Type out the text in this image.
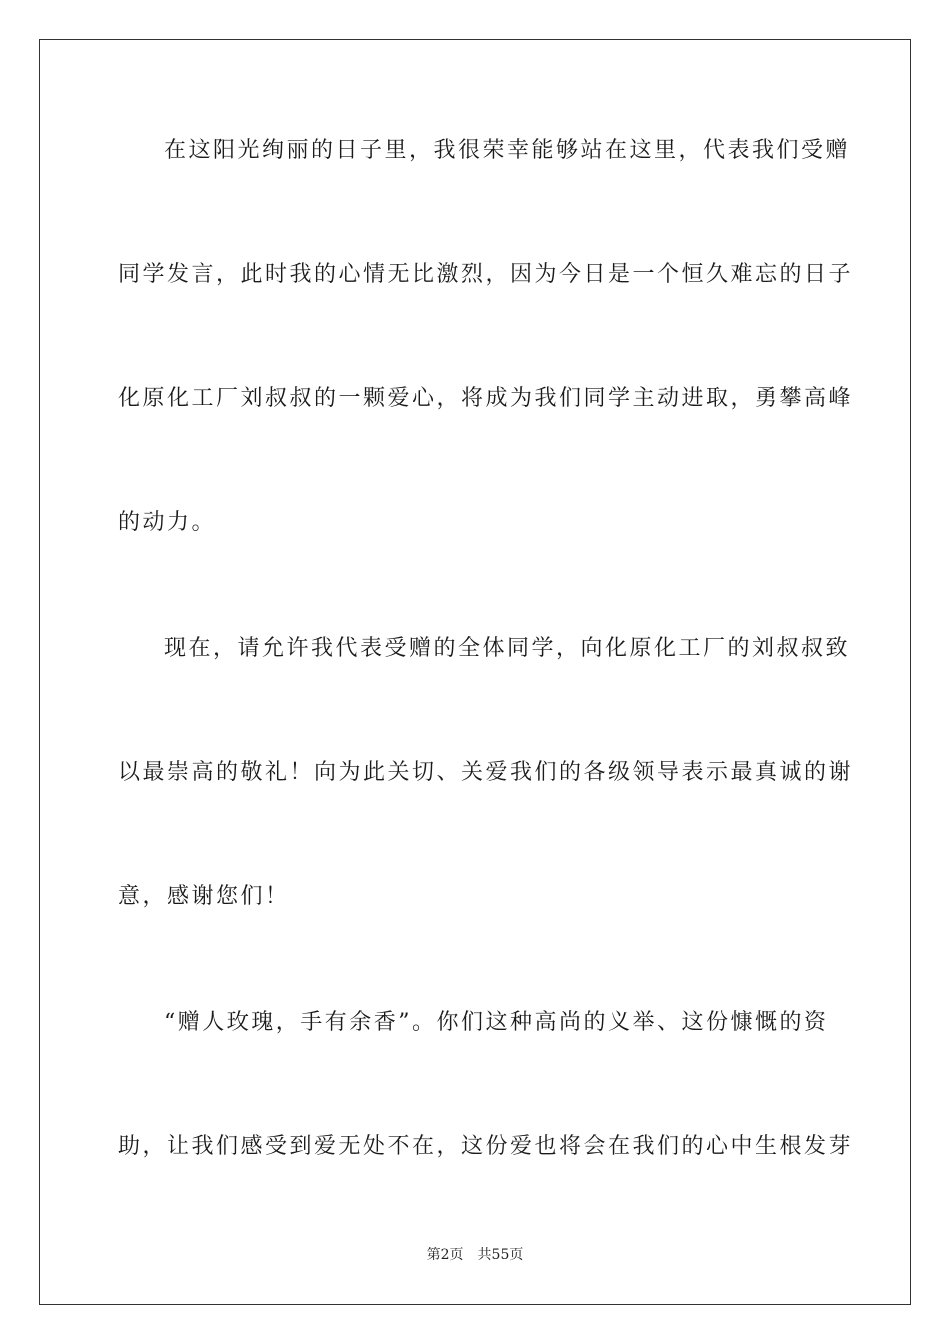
在这阳光绚丽的日子里，我很荣幸能够站在这里，代表我们受赠
同学发言，此时我的心情无比激烈，因为今日是一个恒久难忘的日子
化原化工厂刘叔叔的一颗爱心，将成为我们同学主动进取，勇攀高峰
的动力。
现在，请允许我代表受赠的全体同学，向化原化工厂的刘叔叔致
以最崇高的敬礼！向为此关切、关爱我们的各级领导表示最真诚的谢
意，感谢您们！
“赠人玫瑰，手有余香”。你们这种高尚的义举、这份慷慨的资
助，让我们感受到爱无处不在，这份爱也将会在我们的心中生根发芽
第2页 共55页
